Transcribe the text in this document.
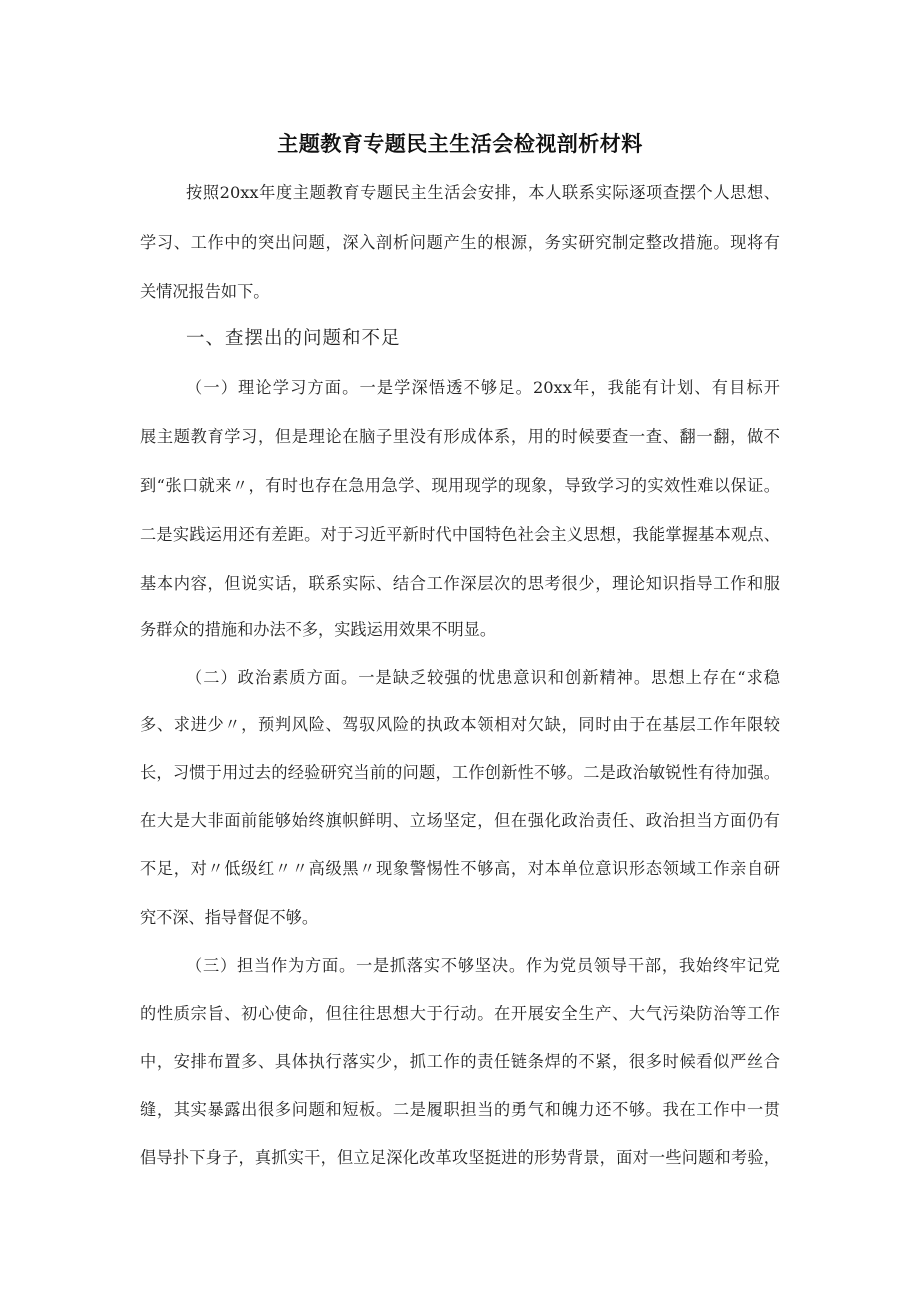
主题教育专题民主生活会检视剖析材料
按照20xx年度主题教育专题民主生活会安排，本人联系实际逐项查摆个人思想、
学习、工作中的突出问题，深入剖析问题产生的根源，务实研究制定整改措施。现将有
关情况报告如下。
一、查摆出的问题和不足
（一）理论学习方面。一是学深悟透不够足。20xx年，我能有计划、有目标开
展主题教育学习，但是理论在脑子里没有形成体系，用的时候要查一查、翻一翻，做不
到“张口就来〃，有时也存在急用急学、现用现学的现象，导致学习的实效性难以保证。
二是实践运用还有差距。对于习近平新时代中国特色社会主义思想，我能掌握基本观点、
基本内容，但说实话，联系实际、结合工作深层次的思考很少，理论知识指导工作和服
务群众的措施和办法不多，实践运用效果不明显。
（二）政治素质方面。一是缺乏较强的忧患意识和创新精神。思想上存在“求稳
多、求进少〃，预判风险、驾驭风险的执政本领相对欠缺，同时由于在基层工作年限较
长，习惯于用过去的经验研究当前的问题，工作创新性不够。二是政治敏锐性有待加强。
在大是大非面前能够始终旗帜鲜明、立场坚定，但在强化政治责任、政治担当方面仍有
不足，对〃低级红〃〃高级黑〃现象警惕性不够高，对本单位意识形态领域工作亲自研
究不深、指导督促不够。
（三）担当作为方面。一是抓落实不够坚决。作为党员领导干部，我始终牢记党
的性质宗旨、初心使命，但往往思想大于行动。在开展安全生产、大气污染防治等工作
中，安排布置多、具体执行落实少，抓工作的责任链条焊的不紧，很多时候看似严丝合
缝，其实暴露出很多问题和短板。二是履职担当的勇气和魄力还不够。我在工作中一贯
倡导扑下身子，真抓实干，但立足深化改革攻坚挺进的形势背景，面对一些问题和考验，
